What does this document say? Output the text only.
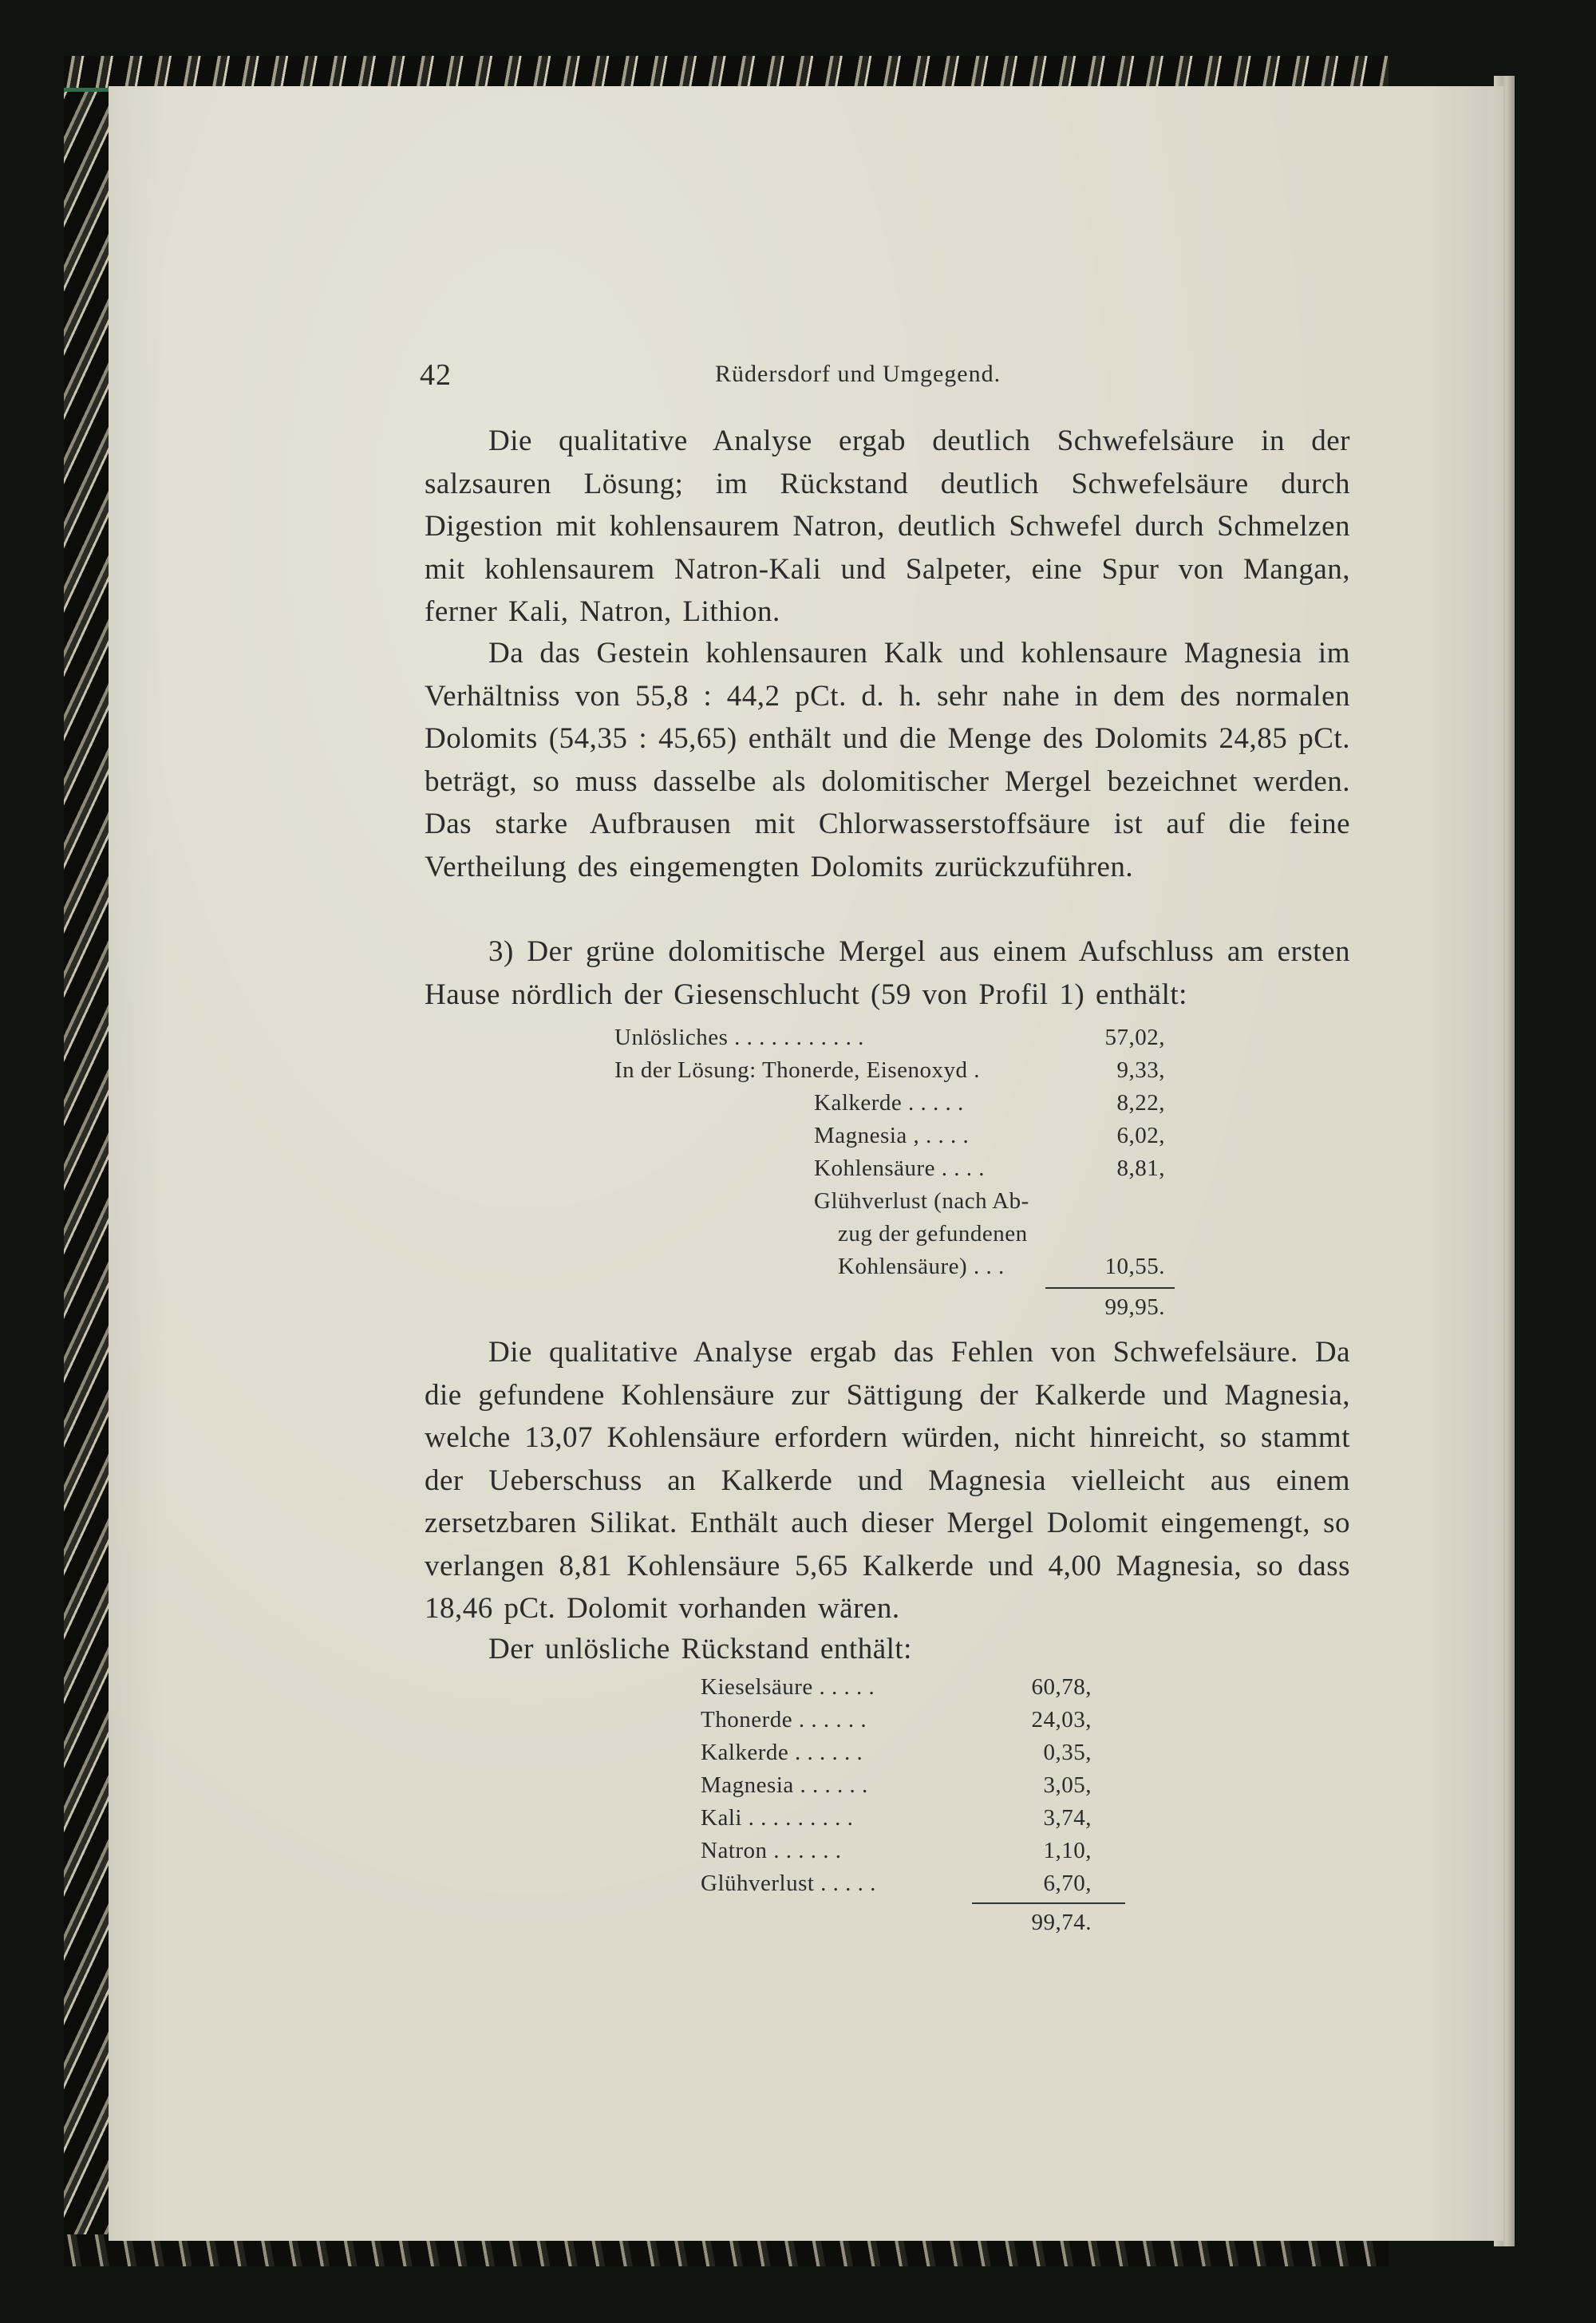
42	Rüdersdorf und Umgegend.
Die qualitative Analyse ergab deutlich Schwefelsäure in der salzsauren Lösung; im Rückstand deutlich Schwefelsäure durch Digestion mit kohlensaurem Natron, deutlich Schwefel durch Schmelzen mit kohlensaurem Natron-Kali und Salpeter, eine Spur von Mangan, ferner Kali, Natron, Lithion.
Da das Gestein kohlensauren Kalk und kohlensaure Magnesia im Verhältniss von 55,8 : 44,2 pCt. d. h. sehr nahe in dem des normalen Dolomits (54,35 : 45,65) enthält und die Menge des Dolomits 24,85 pCt. beträgt, so muss dasselbe als dolomitischer Mergel bezeichnet werden. Das starke Aufbrausen mit Chlorwasserstoffsäure ist auf die feine Vertheilung des eingemengten Dolomits zurückzuführen.
3) Der grüne dolomitische Mergel aus einem Aufschluss am ersten Hause nördlich der Giesenschlucht (59 von Profil 1) enthält:
Unlösliches . . . . . . . . . . .	57,02,
In der Lösung: Thonerde, Eisenoxyd .	9,33,
Kalkerde . . . . .	8,22,
Magnesia , . . . .	6,02,
Kohlensäure . . . .	8,81,
Glühverlust (nach Ab-
zug der gefundenen
Kohlensäure) . . .	10,55.
99,95.
Die qualitative Analyse ergab das Fehlen von Schwefelsäure. Da die gefundene Kohlensäure zur Sättigung der Kalkerde und Magnesia, welche 13,07 Kohlensäure erfordern würden, nicht hinreicht, so stammt der Ueberschuss an Kalkerde und Magnesia vielleicht aus einem zersetzbaren Silikat. Enthält auch dieser Mergel Dolomit eingemengt, so verlangen 8,81 Kohlensäure 5,65 Kalkerde und 4,00 Magnesia, so dass 18,46 pCt. Dolomit vorhanden wären.
Der unlösliche Rückstand enthält:
Kieselsäure . . . . .	60,78,
Thonerde . . . . . .	24,03,
Kalkerde . . . . . .	0,35,
Magnesia . . . . . .	3,05,
Kali . . . . . . . . .	3,74,
Natron . . . . . .	1,10,
Glühverlust . . . . .	6,70,
99,74.
